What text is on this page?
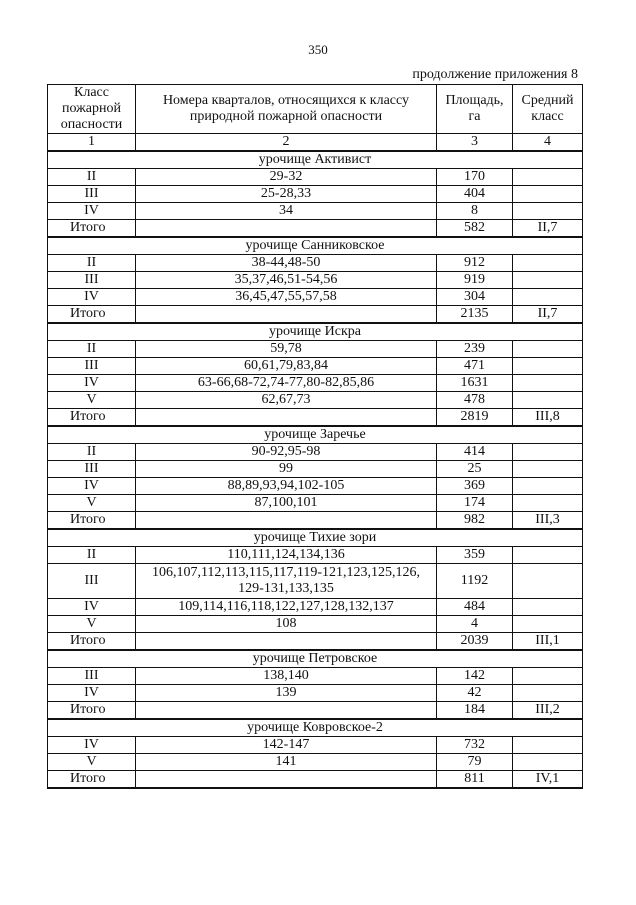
350
продолжение приложения 8
Класс пожарной опасности	Номера кварталов, относящихся к классу природной пожарной опасности	Площадь, га	Средний класс
1	2	3	4
урочище Активист			
II	29-32	170	
III	25-28,33	404	
IV	34	8	
Итого		582	II,7
урочище Санниковское			
II	38-44,48-50	912	
III	35,37,46,51-54,56	919	
IV	36,45,47,55,57,58	304	
Итого		2135	II,7
урочище Искра			
II	59,78	239	
III	60,61,79,83,84	471	
IV	63-66,68-72,74-77,80-82,85,86	1631	
V	62,67,73	478	
Итого		2819	III,8
урочище Заречье			
II	90-92,95-98	414	
III	99	25	
IV	88,89,93,94,102-105	369	
V	87,100,101	174	
Итого		982	III,3
урочище Тихие зори			
II	110,111,124,134,136	359	
III	106,107,112,113,115,117,119-121,123,125,126,
129-131,133,135	1192	
IV	109,114,116,118,122,127,128,132,137	484	
V	108	4	
Итого		2039	III,1
урочище Петровское			
III	138,140	142	
IV	139	42	
Итого		184	III,2
урочище Ковровское-2			
IV	142-147	732	
V	141	79	
Итого		811	IV,1
